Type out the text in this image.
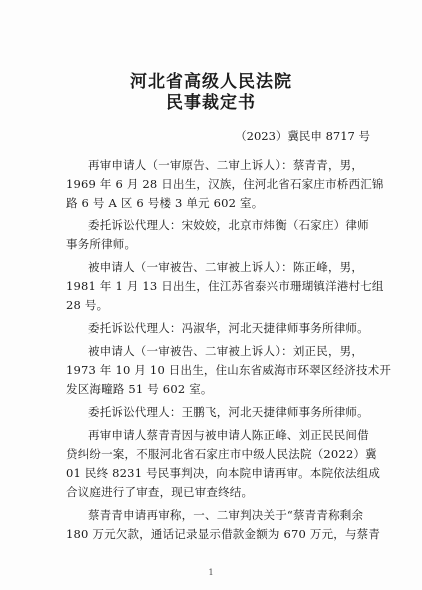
河北省高级人民法院
民事裁定书
（2023）冀民申 8717 号
再审申请人（一审原告、二审上诉人）：蔡青青，男，
1969 年 6 月 28 日出生，汉族，住河北省石家庄市桥西汇锦
路 6 号 A 区 6 号楼 3 单元 602 室。
委托诉讼代理人：宋姣姣，北京市炜衡（石家庄）律师
事务所律师。
被申请人（一审被告、二审被上诉人）：陈正峰，男，
1981 年 1 月 13 日出生，住江苏省泰兴市珊瑚镇洋港村七组
28 号。
委托诉讼代理人：冯淑华，河北天捷律师事务所律师。
被申请人（一审被告、二审被上诉人）：刘正民，男，
1973 年 10 月 10 日出生，住山东省威海市环翠区经济技术开
发区海疃路 51 号 602 室。
委托诉讼代理人：王鹏飞，河北天捷律师事务所律师。
再审申请人蔡青青因与被申请人陈正峰、刘正民民间借
贷纠纷一案，不服河北省石家庄市中级人民法院（2022）冀
01 民终 8231 号民事判决，向本院申请再审。本院依法组成
合议庭进行了审查，现已审查终结。
蔡青青申请再审称，一、二审判决关于“蔡青青称剩余
180 万元欠款，通话记录显示借款金额为 670 万元，与蔡青
1
